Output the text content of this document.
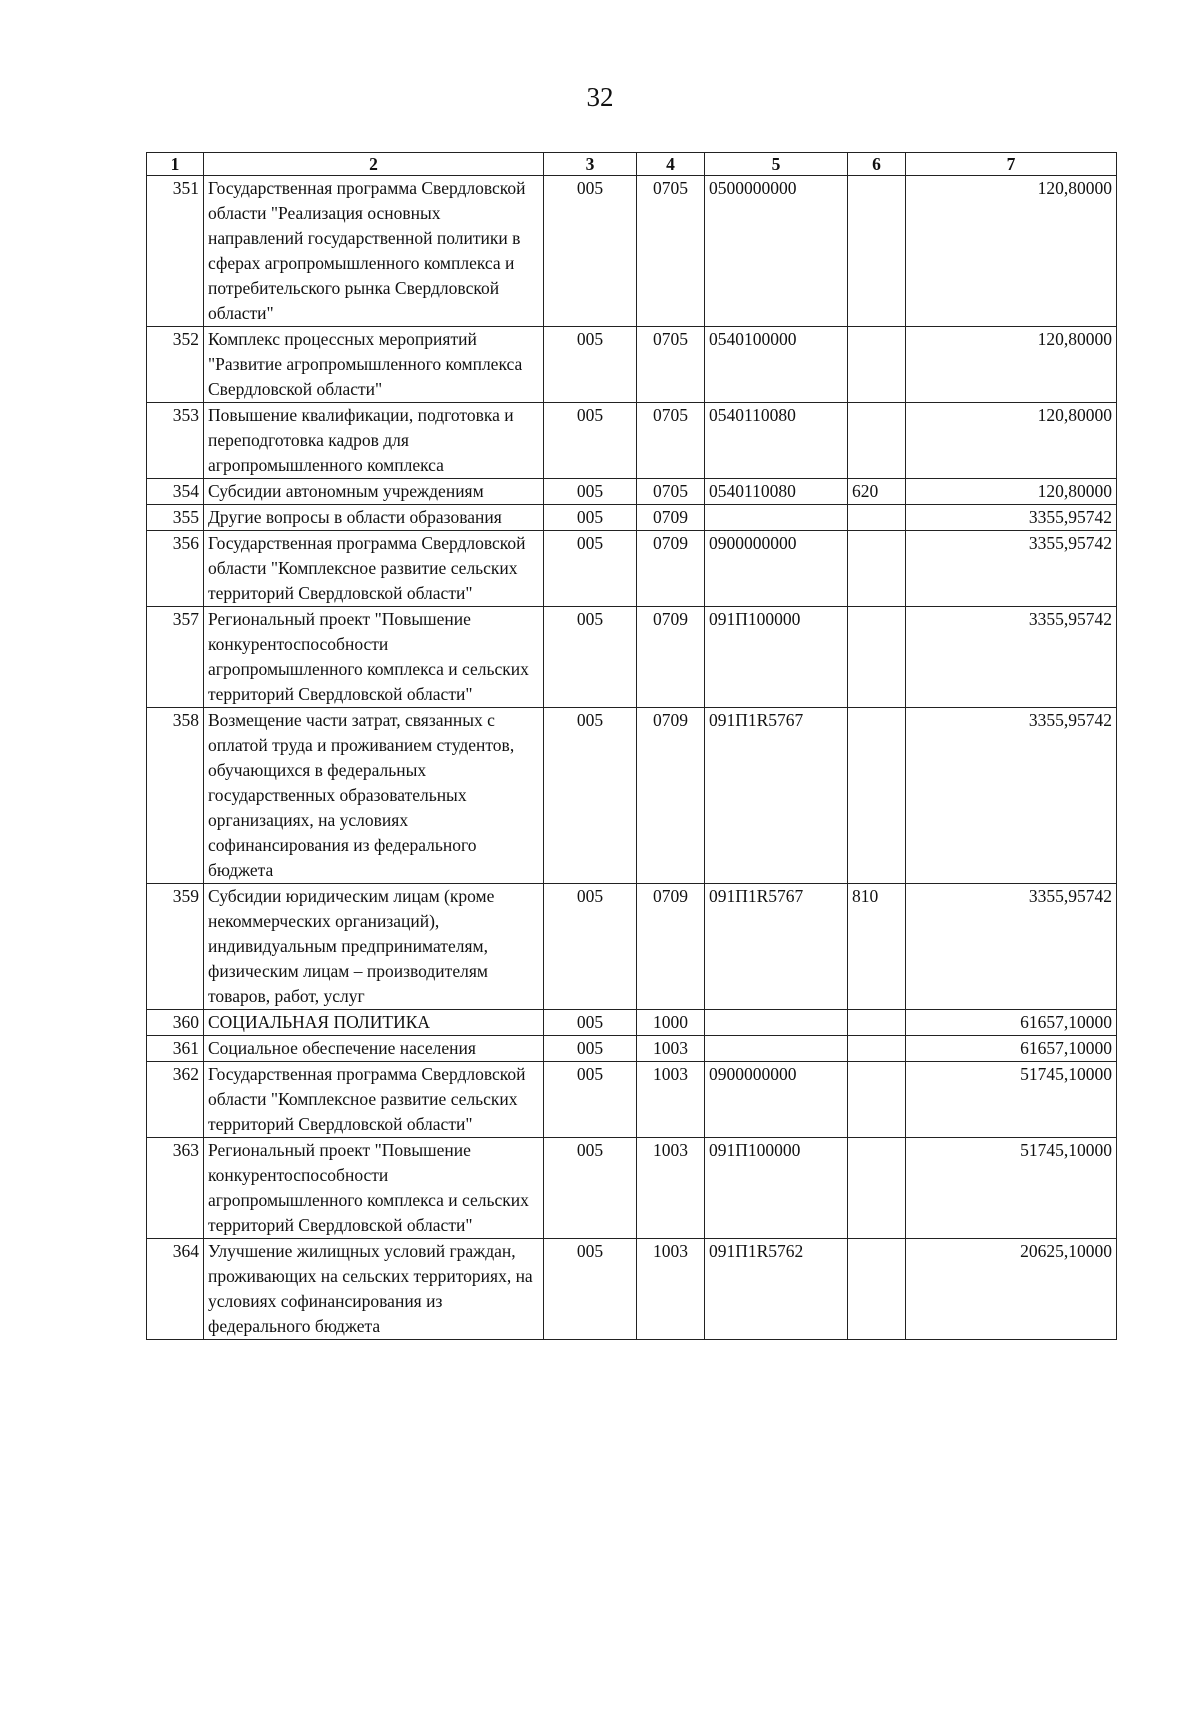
32
1	2	3	4	5	6	7
351	Государственная программа Свердловской области "Реализация основных направлений государственной политики в сферах агропромышленного комплекса и потребительского рынка Свердловской области"	005	0705	0500000000		120,80000
352	Комплекс процессных мероприятий "Развитие агропромышленного комплекса Свердловской области"	005	0705	0540100000		120,80000
353	Повышение квалификации, подготовка и переподготовка кадров для агропромышленного комплекса	005	0705	0540110080		120,80000
354	Субсидии автономным учреждениям	005	0705	0540110080	620	120,80000
355	Другие вопросы в области образования	005	0709			3355,95742
356	Государственная программа Свердловской области "Комплексное развитие сельских территорий Свердловской области"	005	0709	0900000000		3355,95742
357	Региональный проект "Повышение конкурентоспособности агропромышленного комплекса и сельских территорий Свердловской области"	005	0709	091П100000		3355,95742
358	Возмещение части затрат, связанных с оплатой труда и проживанием студентов, обучающихся в федеральных государственных образовательных организациях, на условиях софинансирования из федерального бюджета	005	0709	091П1R5767		3355,95742
359	Субсидии юридическим лицам (кроме некоммерческих организаций), индивидуальным предпринимателям, физическим лицам – производителям товаров, работ, услуг	005	0709	091П1R5767	810	3355,95742
360	СОЦИАЛЬНАЯ ПОЛИТИКА	005	1000			61657,10000
361	Социальное обеспечение населения	005	1003			61657,10000
362	Государственная программа Свердловской области "Комплексное развитие сельских территорий Свердловской области"	005	1003	0900000000		51745,10000
363	Региональный проект "Повышение конкурентоспособности агропромышленного комплекса и сельских территорий Свердловской области"	005	1003	091П100000		51745,10000
364	Улучшение жилищных условий граждан, проживающих на сельских территориях, на условиях софинансирования из федерального бюджета	005	1003	091П1R5762		20625,10000
